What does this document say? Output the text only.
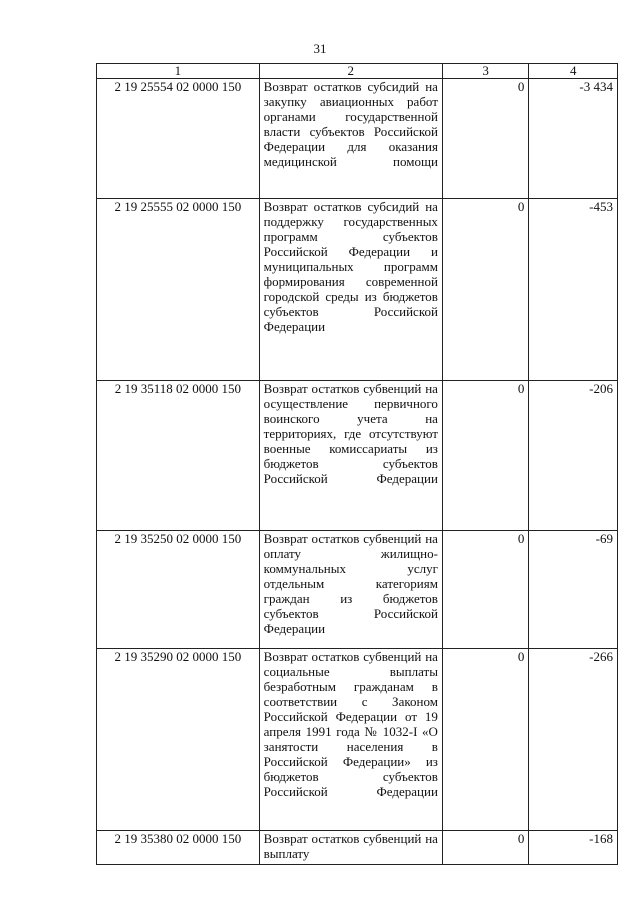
31
1	2	3	4
2 19 25554 02 0000 150	Возврат остатков субсидий на закупку авиационных работ органами государственной власти субъектов Российской Федерации для оказания медицинской помощи	0	-3 434
2 19 25555 02 0000 150	Возврат остатков субсидий на поддержку государственных программ субъектов Российской Федерации и муниципальных программ формирования современной городской среды из бюджетов субъектов Российской Федерации	0	-453
2 19 35118 02 0000 150	Возврат остатков субвенций на осуществление первичного воинского учета на территориях, где отсутствуют военные комиссариаты из бюджетов субъектов Российской Федерации	0	-206
2 19 35250 02 0000 150	Возврат остатков субвенций на оплату жилищно-коммунальных услуг отдельным категориям граждан из бюджетов субъектов Российской Федерации	0	-69
2 19 35290 02 0000 150	Возврат остатков субвенций на социальные выплаты безработным гражданам в соответствии с Законом Российской Федерации от 19 апреля 1991 года № 1032-I «О занятости населения в Российской Федерации» из бюджетов субъектов Российской Федерации	0	-266
2 19 35380 02 0000 150	Возврат остатков субвенций на выплату	0	-168
